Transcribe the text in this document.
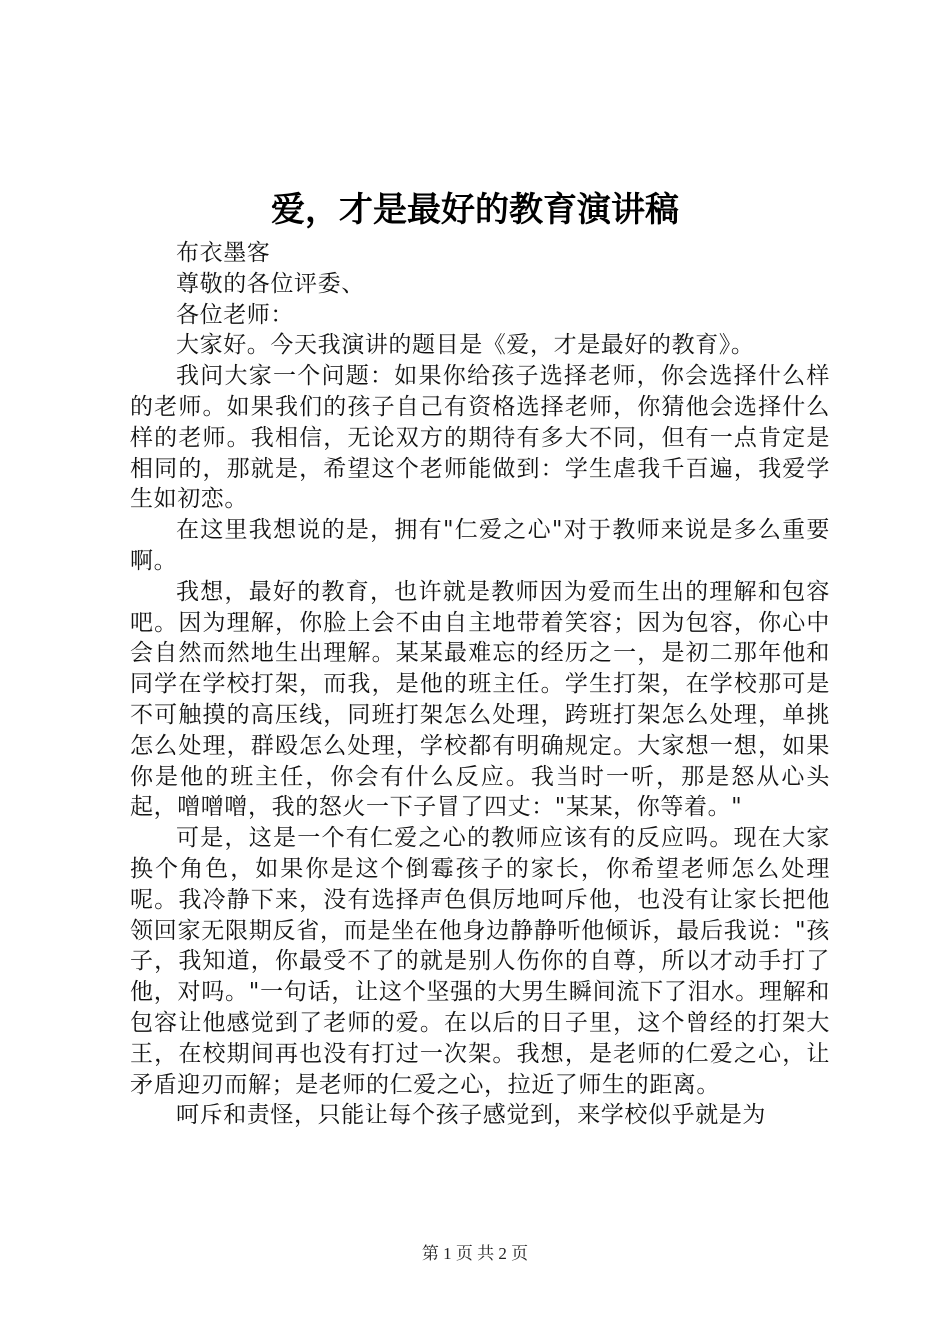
爱，才是最好的教育演讲稿

布衣墨客

尊敬的各位评委、

各位老师：

大家好。今天我演讲的题目是《爱，才是最好的教育》。

我问大家一个问题：如果你给孩子选择老师，你会选择什么样的老师。如果我们的孩子自己有资格选择老师，你猜他会选择什么样的老师。我相信，无论双方的期待有多大不同，但有一点肯定是相同的，那就是，希望这个老师能做到：学生虐我千百遍，我爱学生如初恋。

在这里我想说的是，拥有"仁爱之心"对于教师来说是多么重要啊。

我想，最好的教育，也许就是教师因为爱而生出的理解和包容吧。因为理解，你脸上会不由自主地带着笑容；因为包容，你心中会自然而然地生出理解。某某最难忘的经历之一，是初二那年他和同学在学校打架，而我，是他的班主任。学生打架，在学校那可是不可触摸的高压线，同班打架怎么处理，跨班打架怎么处理，单挑怎么处理，群殴怎么处理，学校都有明确规定。大家想一想，如果你是他的班主任，你会有什么反应。我当时一听，那是怒从心头起，噌噌噌，我的怒火一下子冒了四丈："某某，你等着。"

可是，这是一个有仁爱之心的教师应该有的反应吗。现在大家换个角色，如果你是这个倒霉孩子的家长，你希望老师怎么处理呢。我冷静下来，没有选择声色俱厉地呵斥他，也没有让家长把他领回家无限期反省，而是坐在他身边静静听他倾诉，最后我说："孩子，我知道，你最受不了的就是别人伤你的自尊，所以才动手打了他，对吗。"一句话，让这个坚强的大男生瞬间流下了泪水。理解和包容让他感觉到了老师的爱。在以后的日子里，这个曾经的打架大王，在校期间再也没有打过一次架。我想，是老师的仁爱之心，让矛盾迎刃而解；是老师的仁爱之心，拉近了师生的距离。

呵斥和责怪，只能让每个孩子感觉到，来学校似乎就是为

第 1 页 共 2 页
